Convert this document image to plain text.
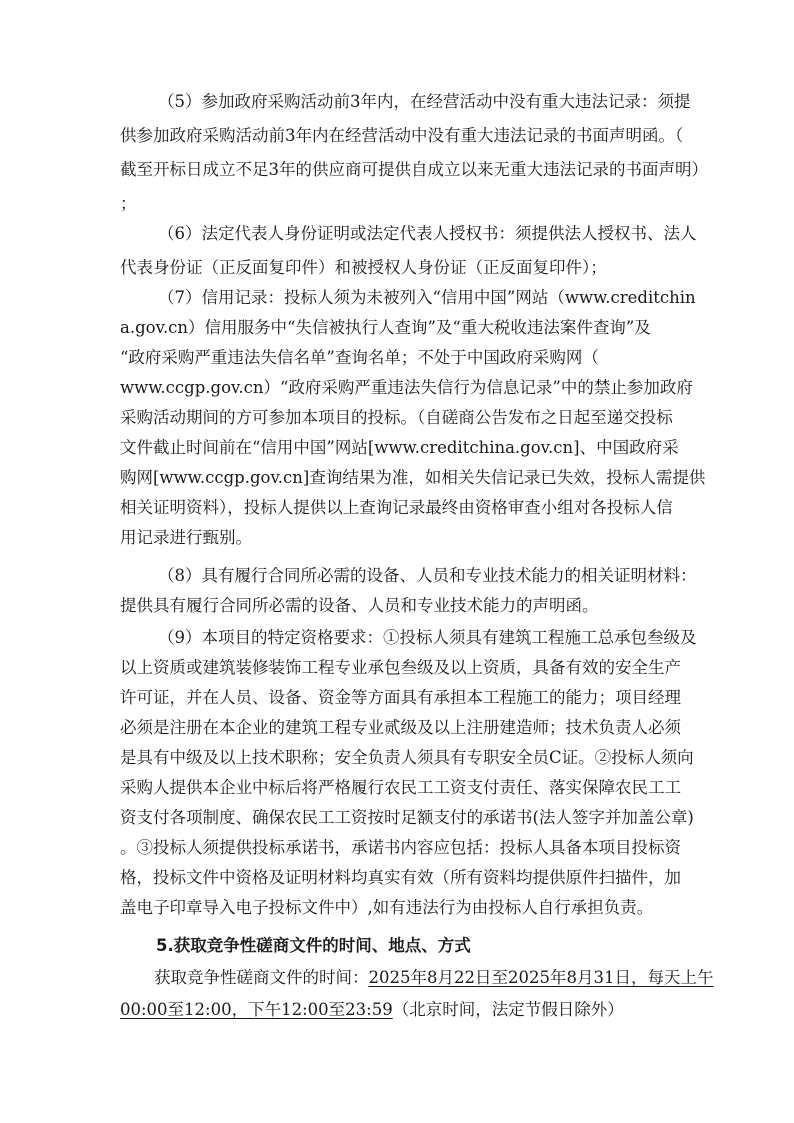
（5）参加政府采购活动前3年内，在经营活动中没有重大违法记录：须提
供参加政府采购活动前3年内在经营活动中没有重大违法记录的书面声明函。（
截至开标日成立不足3年的供应商可提供自成立以来无重大违法记录的书面声明）
；
（6）法定代表人身份证明或法定代表人授权书：须提供法人授权书、法人
代表身份证（正反面复印件）和被授权人身份证（正反面复印件）；
（7）信用记录：投标人须为未被列入“信用中国”网站（www.creditchin
a.gov.cn）信用服务中“失信被执行人查询”及“重大税收违法案件查询”及
“政府采购严重违法失信名单”查询名单；不处于中国政府采购网（
www.ccgp.gov.cn）“政府采购严重违法失信行为信息记录”中的禁止参加政府
采购活动期间的方可参加本项目的投标。（自磋商公告发布之日起至递交投标
文件截止时间前在“信用中国”网站[www.creditchina.gov.cn]、中国政府采
购网[www.ccgp.gov.cn]查询结果为准，如相关失信记录已失效，投标人需提供
相关证明资料），投标人提供以上查询记录最终由资格审查小组对各投标人信
用记录进行甄别。
（8）具有履行合同所必需的设备、人员和专业技术能力的相关证明材料：
提供具有履行合同所必需的设备、人员和专业技术能力的声明函。
（9）本项目的特定资格要求：①投标人须具有建筑工程施工总承包叁级及
以上资质或建筑装修装饰工程专业承包叁级及以上资质，具备有效的安全生产
许可证，并在人员、设备、资金等方面具有承担本工程施工的能力；项目经理
必须是注册在本企业的建筑工程专业贰级及以上注册建造师；技术负责人必须
是具有中级及以上技术职称；安全负责人须具有专职安全员C证。②投标人须向
采购人提供本企业中标后将严格履行农民工工资支付责任、落实保障农民工工
资支付各项制度、确保农民工工资按时足额支付的承诺书(法人签字并加盖公章)
。③投标人须提供投标承诺书，承诺书内容应包括：投标人具备本项目投标资
格，投标文件中资格及证明材料均真实有效（所有资料均提供原件扫描件，加
盖电子印章导入电子投标文件中）,如有违法行为由投标人自行承担负责。
5.获取竞争性磋商文件的时间、地点、方式
获取竞争性磋商文件的时间：2025年8月22日至2025年8月31日，每天上午
00:00至12:00，下午12:00至23:59（北京时间，法定节假日除外）
